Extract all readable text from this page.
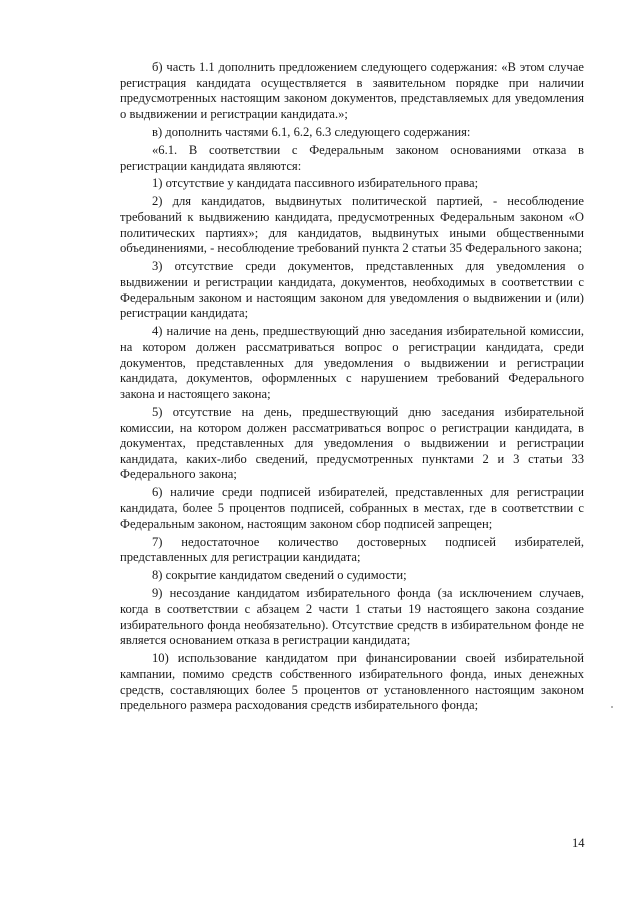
б) часть 1.1 дополнить предложением следующего содержания: «В этом случае регистрация кандидата осуществляется в заявительном порядке при наличии предусмотренных настоящим законом документов, представляемых для уведомления о выдвижении и регистрации кандидата.»;

в) дополнить частями 6.1, 6.2, 6.3 следующего содержания:

«6.1. В соответствии с Федеральным законом основаниями отказа в регистрации кандидата являются:

1) отсутствие у кандидата пассивного избирательного права;

2) для кандидатов, выдвинутых политической партией, - несоблюдение требований к выдвижению кандидата, предусмотренных Федеральным законом «О политических партиях»; для кандидатов, выдвинутых иными общественными объединениями, - несоблюдение требований пункта 2 статьи 35 Федерального закона;

3) отсутствие среди документов, представленных для уведомления о выдвижении и регистрации кандидата, документов, необходимых в соответствии с Федеральным законом и настоящим законом для уведомления о выдвижении и (или) регистрации кандидата;

4) наличие на день, предшествующий дню заседания избирательной комиссии, на котором должен рассматриваться вопрос о регистрации кандидата, среди документов, представленных для уведомления о выдвижении и регистрации кандидата, документов, оформленных с нарушением требований Федерального закона и настоящего закона;

5) отсутствие на день, предшествующий дню заседания избирательной комиссии, на котором должен рассматриваться вопрос о регистрации кандидата, в документах, представленных для уведомления о выдвижении и регистрации кандидата, каких-либо сведений, предусмотренных пунктами 2 и 3 статьи 33 Федерального закона;

6) наличие среди подписей избирателей, представленных для регистрации кандидата, более 5 процентов подписей, собранных в местах, где в соответствии с Федеральным законом, настоящим законом сбор подписей запрещен;

7) недостаточное количество достоверных подписей избирателей, представленных для регистрации кандидата;

8) сокрытие кандидатом сведений о судимости;

9) несоздание кандидатом избирательного фонда (за исключением случаев, когда в соответствии с абзацем 2 части 1 статьи 19 настоящего закона создание избирательного фонда необязательно). Отсутствие средств в избирательном фонде не является основанием отказа в регистрации кандидата;

10) использование кандидатом при финансировании своей избирательной кампании, помимо средств собственного избирательного фонда, иных денежных средств, составляющих более 5 процентов от установленного настоящим законом предельного размера расходования средств избирательного фонда;

14
